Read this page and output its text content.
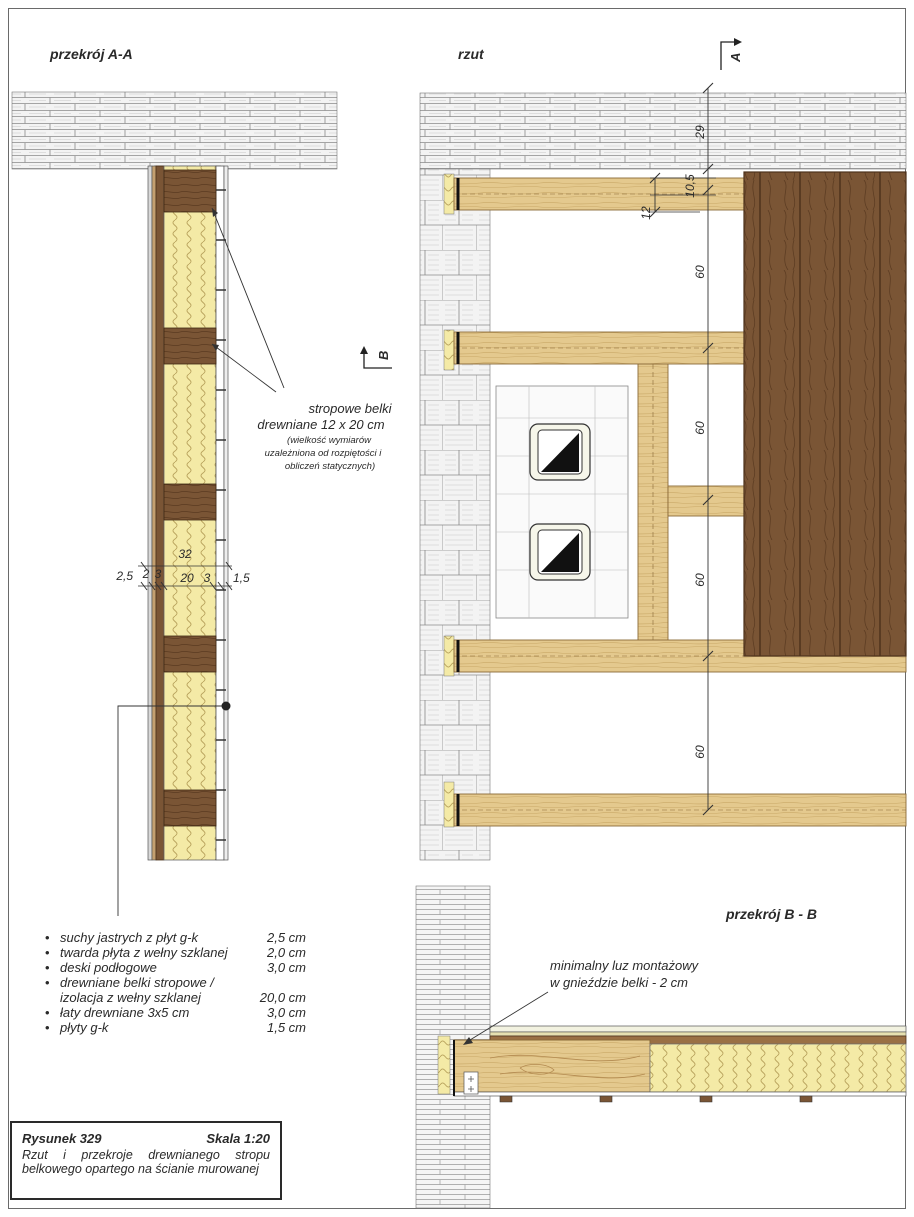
przekrój A-A
stropowe belki
drewniane 12 x 20 cm
(wielkość wymiarów
uzależniona od rozpiętości i
obliczeń statycznych)
32
2,5 2 3 20 3 1,5
rzut	A
B
29
10,5
12
60
60
60
60
przekrój B - B
minimalny luz montażowy
w gnieździe belki - 2 cm
• suchy jastrych z płyt g-k	2,5 cm
• twarda płyta z wełny szklanej	2,0 cm
• deski podłogowe	3,0 cm
• drewniane belki stropowe /
izolacja z wełny szklanej	20,0 cm
• łaty drewniane 3x5 cm	3,0 cm
• płyty g-k	1,5 cm
Rysunek 329	Skala 1:20
Rzut i przekroje drewnianego stropu belkowego opartego na ścianie murowanej
